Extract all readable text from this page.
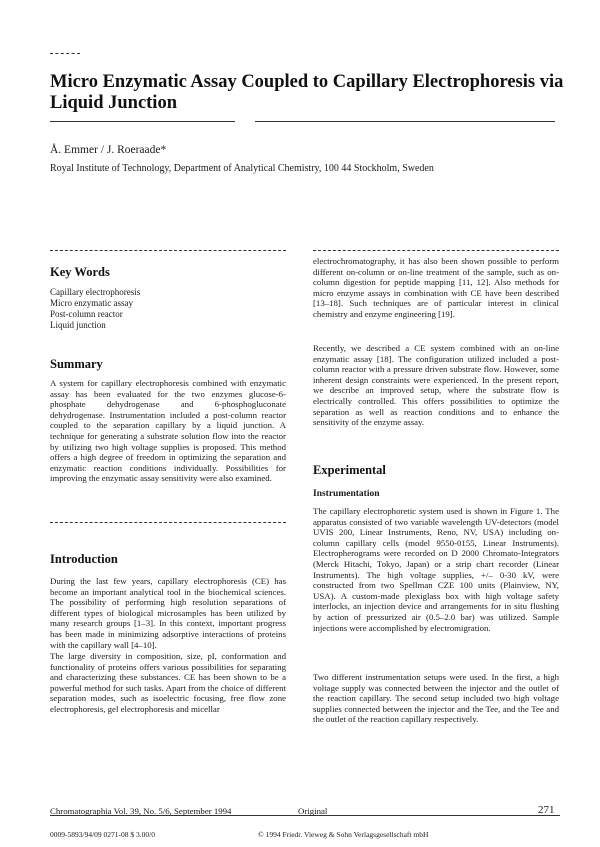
Micro Enzymatic Assay Coupled to Capillary Electrophoresis via Liquid Junction
Å. Emmer / J. Roeraade*
Royal Institute of Technology, Department of Analytical Chemistry, 100 44 Stockholm, Sweden
Key Words
Capillary electrophoresis
Micro enzymatic assay
Post-column reactor
Liquid junction
Summary

A system for capillary electrophoresis combined with enzymatic assay has been evaluated for the two enzymes glucose-6-phosphate dehydrogenase and 6-phosphogluconate dehydrogenase. Instrumentation included a post-column reactor coupled to the separation capillary by a liquid junction. A technique for generating a substrate solution flow into the reactor by utilizing two high voltage supplies is proposed. This method offers a high degree of freedom in optimizing the separation and enzymatic reaction conditions individually. Possibilities for improving the enzymatic assay sensitivity were also examined.

Introduction

During the last few years, capillary electrophoresis (CE) has become an important analytical tool in the biochemical sciences. The possibility of performing high resolution separations of different types of biological microsamples has been utilized by many research groups [1–3]. In this context, important progress has been made in minimizing adsorptive interactions of proteins with the capillary wall [4–10].

The large diversity in composition, size, pI, conformation and functionality of proteins offers various possibilities for separating and characterizing these substances. CE has been shown to be a powerful method for such tasks. Apart from the choice of different separation modes, such as isoelectric focusing, free flow zone electrophoresis, gel electrophoresis and micellar

electrochromatography, it has also been shown possible to perform different on-column or on-line treatment of the sample, such as on-column digestion for peptide mapping [11, 12]. Also methods for micro enzyme assays in combination with CE have been described [13–18]. Such techniques are of particular interest in clinical chemistry and enzyme engineering [19].

Recently, we described a CE system combined with an on-line enzymatic assay [18]. The configuration utilized included a post-column reactor with a pressure driven substrate flow. However, some inherent design constraints were experienced. In the present report, we describe an improved setup, where the substrate flow is electrically controlled. This offers possibilities to optimize the separation as well as reaction conditions and to enhance the sensitivity of the enzyme assay.

Experimental
Instrumentation

The capillary electrophoretic system used is shown in Figure 1. The apparatus consisted of two variable wavelength UV-detectors (model UVIS 200, Linear Instruments, Reno, NV, USA) including on-column capillary cells (model 9550-0155, Linear Instruments). Electropherograms were recorded on D 2000 Chromato-Integrators (Merck Hitachi, Tokyo, Japan) or a strip chart recorder (Linear Instruments). The high voltage supplies, +/– 0-30 kV, were constructed from two Spellman CZE 100 units (Plainview, NY, USA). A custom-made plexiglass box with high voltage safety interlocks, an injection device and arrangements for in situ flushing by action of pressurized air (0.5–2.0 bar) was utilized. Sample injections were accomplished by electromigration.

Two different instrumentation setups were used. In the first, a high voltage supply was connected between the injector and the outlet of the reaction capillary. The second setup included two high voltage supplies connected between the injector and the Tee, and the Tee and the outlet of the reaction capillary respectively.

Chromatographia Vol. 39, No. 5/6, September 1994	Original	271
0009-5893/94/09 0271-08 $ 3.00/0	© 1994 Friedr. Vieweg & Sohn Verlagsgesellschaft mbH
